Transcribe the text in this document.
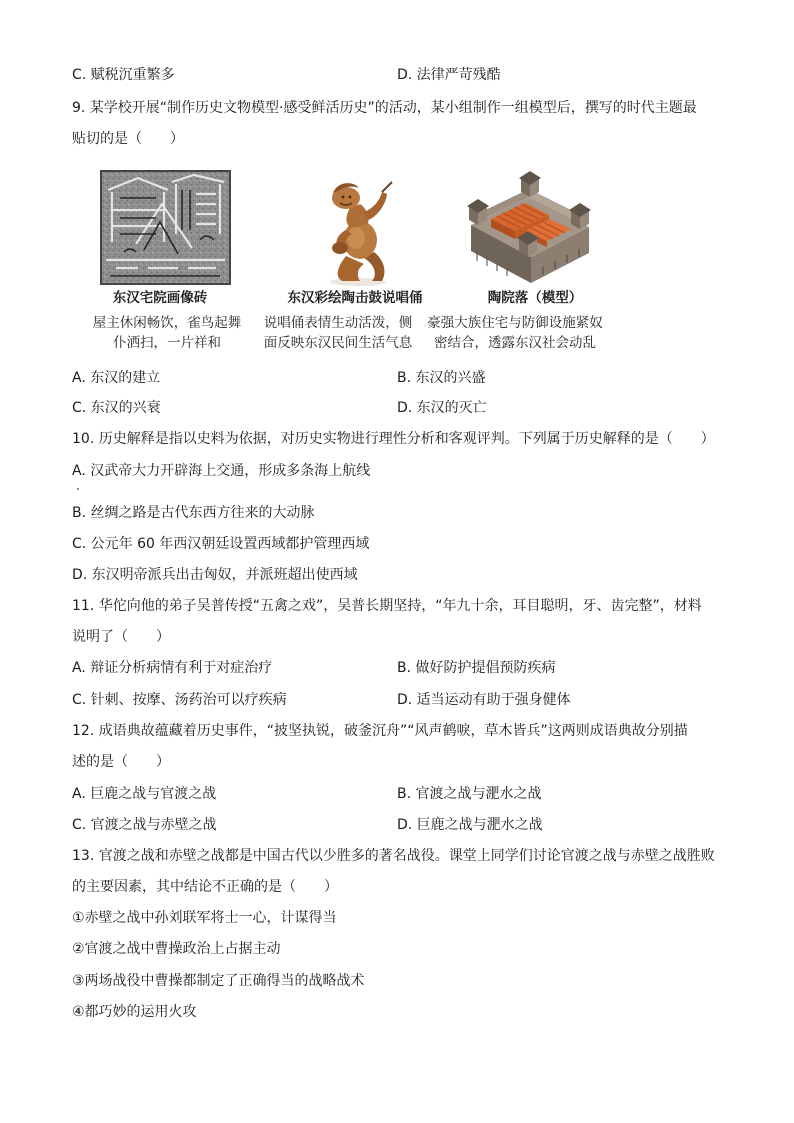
C. 赋税沉重繁多	D. 法律严苛残酷
9. 某学校开展“制作历史文物模型·感受鲜活历史”的活动，某小组制作一组模型后，撰写的时代主题最
贴切的是（　　）
东汉宅院画像砖	东汉彩绘陶击鼓说唱俑	陶院落（模型）
屋主休闲畅饮，雀鸟起舞
仆洒扫，一片祥和
说唱俑表情生动活泼，侧
面反映东汉民间生活气息
豪强大族住宅与防御设施紧奴
密结合，透露东汉社会动乱
A. 东汉的建立	B. 东汉的兴盛
C. 东汉的兴衰	D. 东汉的灭亡
10. 历史解释是指以史料为依据，对历史实物进行理性分析和客观评判。下列属于历史解释的是（　　）
A. 汉武帝大力开辟海上交通，形成多条海上航线
B. 丝绸之路是古代东西方往来的大动脉
C. 公元年 60 年西汉朝廷设置西域都护管理西域
D. 东汉明帝派兵出击匈奴，并派班超出使西域
11. 华佗向他的弟子吴普传授“五禽之戏”，吴普长期坚持，“年九十余，耳目聪明，牙、齿完整”，材料
说明了（　　）
A. 辩证分析病情有利于对症治疗	B. 做好防护提倡预防疾病
C. 针刺、按摩、汤药治可以疗疾病	D. 适当运动有助于强身健体
12. 成语典故蕴藏着历史事件，“披坚执锐，破釜沉舟”“风声鹤唳，草木皆兵”这两则成语典故分别描
述的是（　　）
A. 巨鹿之战与官渡之战	B. 官渡之战与淝水之战
C. 官渡之战与赤壁之战	D. 巨鹿之战与淝水之战
13. 官渡之战和赤壁之战都是中国古代以少胜多的著名战役。课堂上同学们讨论官渡之战与赤壁之战胜败
的主要因素，其中结论不正确的是（　　）
①赤壁之战中孙刘联军将士一心，计谋得当
②官渡之战中曹操政治上占据主动
③两场战役中曹操都制定了正确得当的战略战术
④都巧妙的运用火攻
